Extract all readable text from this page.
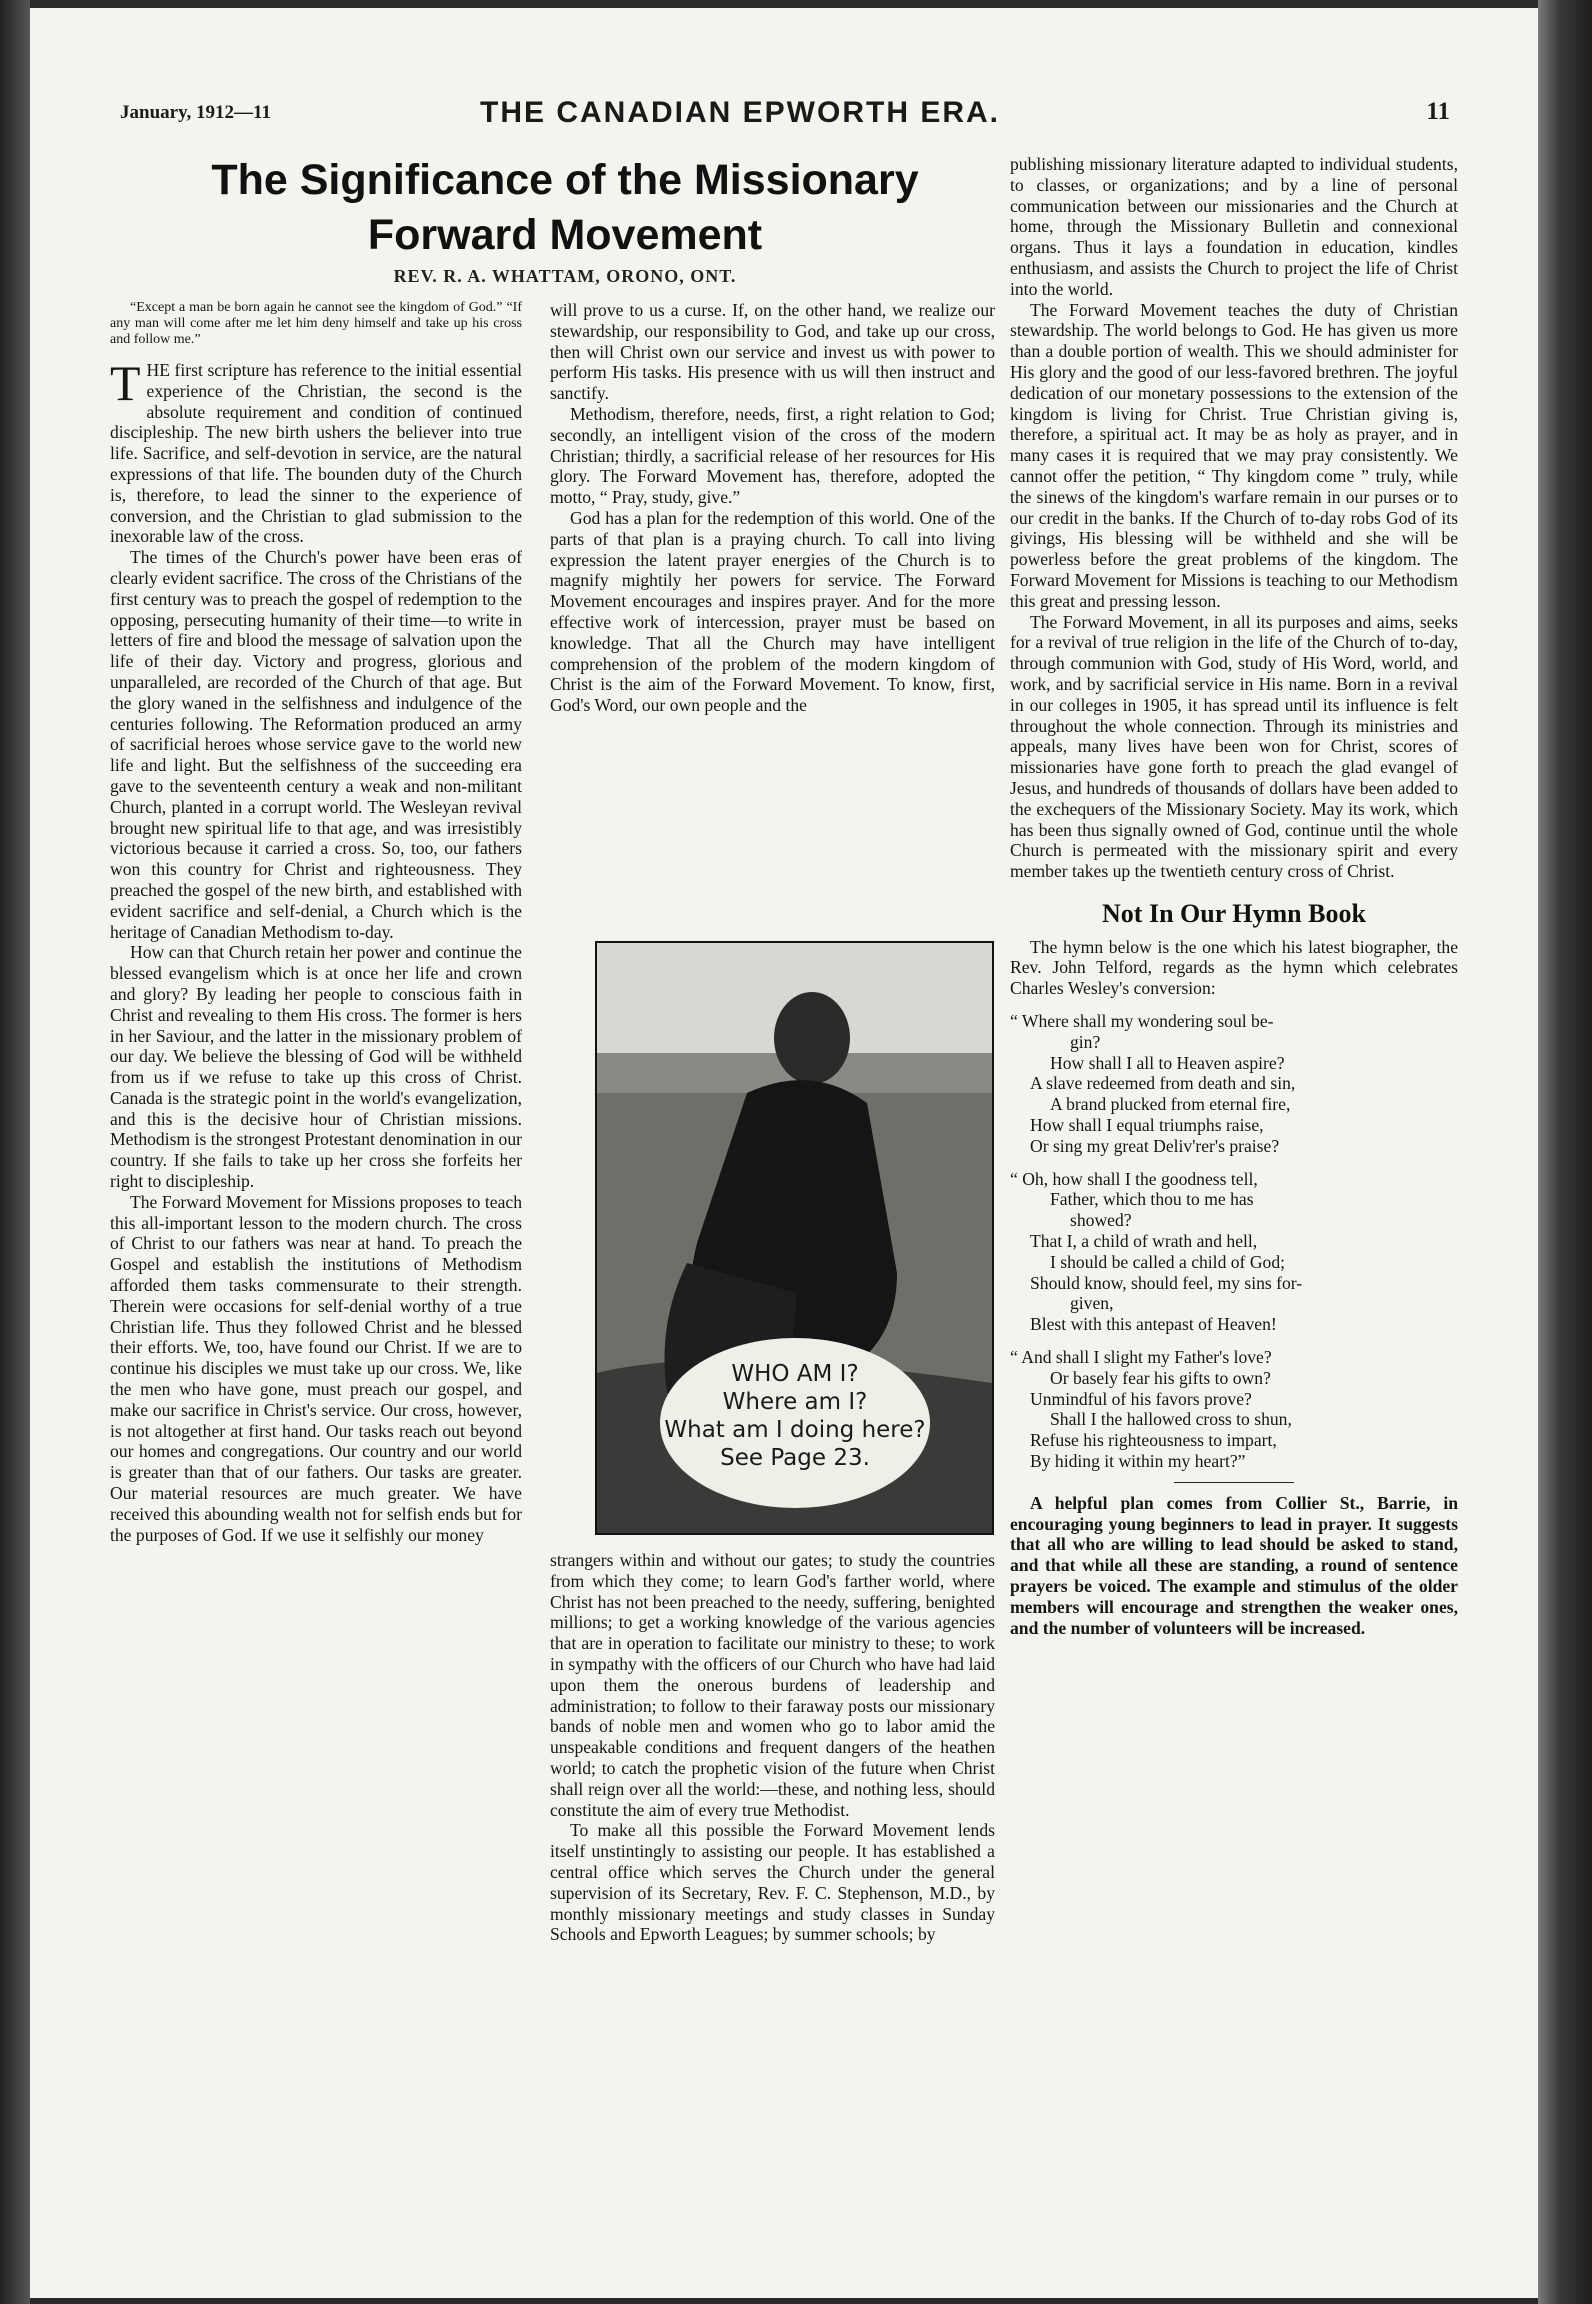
January, 1912—11	THE CANADIAN EPWORTH ERA.	11
The Significance of the Missionary
Forward Movement
REV. R. A. WHATTAM, ORONO, ONT.

“Except a man be born again he cannot see the kingdom of God.” “If any man will come after me let him deny himself and take up his cross and follow me.”

THE first scripture has reference to the initial essential experience of the Christian, the second is the absolute requirement and condition of continued discipleship. The new birth ushers the believer into true life. Sacrifice, and self-devotion in service, are the natural expressions of that life. The bounden duty of the Church is, therefore, to lead the sinner to the experience of conversion, and the Christian to glad submission to the inexorable law of the cross.

The times of the Church's power have been eras of clearly evident sacrifice. The cross of the Christians of the first century was to preach the gospel of redemption to the opposing, persecuting humanity of their time—to write in letters of fire and blood the message of salvation upon the life of their day. Victory and progress, glorious and unparalleled, are recorded of the Church of that age. But the glory waned in the selfishness and indulgence of the centuries following. The Reformation produced an army of sacrificial heroes whose service gave to the world new life and light. But the selfishness of the succeeding era gave to the seventeenth century a weak and non-militant Church, planted in a corrupt world. The Wesleyan revival brought new spiritual life to that age, and was irresistibly victorious because it carried a cross. So, too, our fathers won this country for Christ and righteousness. They preached the gospel of the new birth, and established with evident sacrifice and self-denial, a Church which is the heritage of Canadian Methodism to-day.

How can that Church retain her power and continue the blessed evangelism which is at once her life and crown and glory? By leading her people to conscious faith in Christ and revealing to them His cross. The former is hers in her Saviour, and the latter in the missionary problem of our day. We believe the blessing of God will be withheld from us if we refuse to take up this cross of Christ. Canada is the strategic point in the world's evangelization, and this is the decisive hour of Christian missions. Methodism is the strongest Protestant denomination in our country. If she fails to take up her cross she forfeits her right to discipleship.

The Forward Movement for Missions proposes to teach this all-important lesson to the modern church. The cross of Christ to our fathers was near at hand. To preach the Gospel and establish the institutions of Methodism afforded them tasks commensurate to their strength. Therein were occasions for self-denial worthy of a true Christian life. Thus they followed Christ and he blessed their efforts. We, too, have found our Christ. If we are to continue his disciples we must take up our cross. We, like the men who have gone, must preach our gospel, and make our sacrifice in Christ's service. Our cross, however, is not altogether at first hand. Our tasks reach out beyond our homes and congregations. Our country and our world is greater than that of our fathers. Our tasks are greater. Our material resources are much greater. We have received this abounding wealth not for selfish ends but for the purposes of God. If we use it selfishly our money

will prove to us a curse. If, on the other hand, we realize our stewardship, our responsibility to God, and take up our cross, then will Christ own our service and invest us with power to perform His tasks. His presence with us will then instruct and sanctify.

Methodism, therefore, needs, first, a right relation to God; secondly, an intelligent vision of the cross of the modern Christian; thirdly, a sacrificial release of her resources for His glory. The Forward Movement has, therefore, adopted the motto, “ Pray, study, give.”

God has a plan for the redemption of this world. One of the parts of that plan is a praying church. To call into living expression the latent prayer energies of the Church is to magnify mightily her powers for service. The Forward Movement encourages and inspires prayer. And for the more effective work of intercession, prayer must be based on knowledge. That all the Church may have intelligent comprehension of the problem of the modern kingdom of Christ is the aim of the Forward Movement. To know, first, God's Word, our own people and the

WHO AM I?
Where am I?
What am I doing here?
See Page 23.

strangers within and without our gates; to study the countries from which they come; to learn God's farther world, where Christ has not been preached to the needy, suffering, benighted millions; to get a working knowledge of the various agencies that are in operation to facilitate our ministry to these; to work in sympathy with the officers of our Church who have had laid upon them the onerous burdens of leadership and administration; to follow to their faraway posts our missionary bands of noble men and women who go to labor amid the unspeakable conditions and frequent dangers of the heathen world; to catch the prophetic vision of the future when Christ shall reign over all the world:—these, and nothing less, should constitute the aim of every true Methodist.

To make all this possible the Forward Movement lends itself unstintingly to assisting our people. It has established a central office which serves the Church under the general supervision of its Secretary, Rev. F. C. Stephenson, M.D., by monthly missionary meetings and study classes in Sunday Schools and Epworth Leagues; by summer schools; by

publishing missionary literature adapted to individual students, to classes, or organizations; and by a line of personal communication between our missionaries and the Church at home, through the Missionary Bulletin and connexional organs. Thus it lays a foundation in education, kindles enthusiasm, and assists the Church to project the life of Christ into the world.

The Forward Movement teaches the duty of Christian stewardship. The world belongs to God. He has given us more than a double portion of wealth. This we should administer for His glory and the good of our less-favored brethren. The joyful dedication of our monetary possessions to the extension of the kingdom is living for Christ. True Christian giving is, therefore, a spiritual act. It may be as holy as prayer, and in many cases it is required that we may pray consistently. We cannot offer the petition, “ Thy kingdom come ” truly, while the sinews of the kingdom's warfare remain in our purses or to our credit in the banks. If the Church of to-day robs God of its givings, His blessing will be withheld and she will be powerless before the great problems of the kingdom. The Forward Movement for Missions is teaching to our Methodism this great and pressing lesson.

The Forward Movement, in all its purposes and aims, seeks for a revival of true religion in the life of the Church of to-day, through communion with God, study of His Word, world, and work, and by sacrificial service in His name. Born in a revival in our colleges in 1905, it has spread until its influence is felt throughout the whole connection. Through its ministries and appeals, many lives have been won for Christ, scores of missionaries have gone forth to preach the glad evangel of Jesus, and hundreds of thousands of dollars have been added to the exchequers of the Missionary Society. May its work, which has been thus signally owned of God, continue until the whole Church is permeated with the missionary spirit and every member takes up the twentieth century cross of Christ.

Not In Our Hymn Book

The hymn below is the one which his latest biographer, the Rev. John Telford, regards as the hymn which celebrates Charles Wesley's conversion:

“ Where shall my wondering soul be-
gin?
How shall I all to Heaven aspire?
A slave redeemed from death and sin,
A brand plucked from eternal fire,
How shall I equal triumphs raise,
Or sing my great Deliv'rer's praise?
“ Oh, how shall I the goodness tell,
Father, which thou to me has
showed?
That I, a child of wrath and hell,
I should be called a child of God;
Should know, should feel, my sins for-
given,
Blest with this antepast of Heaven!
“ And shall I slight my Father's love?
Or basely fear his gifts to own?
Unmindful of his favors prove?
Shall I the hallowed cross to shun,
Refuse his righteousness to impart,
By hiding it within my heart?”

A helpful plan comes from Collier St., Barrie, in encouraging young beginners to lead in prayer. It suggests that all who are willing to lead should be asked to stand, and that while all these are standing, a round of sentence prayers be voiced. The example and stimulus of the older members will encourage and strengthen the weaker ones, and the number of volunteers will be increased.
